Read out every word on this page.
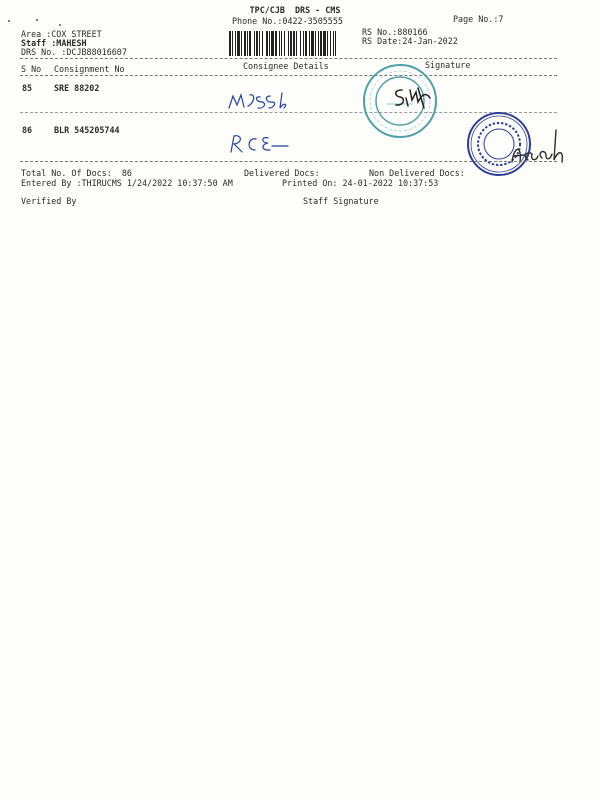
TPC/CJB  DRS - CMS
Phone No.:0422-3505555	Page No.:7
Area :COX STREET
Staff :MAHESH
DRS No. :DCJB88016607
RS No.:880166
RS Date:24-Jan-2022
S No Consignment No	Consignee Details	Signature
85	SRE 88202
86	BLR 545205744
Total No. Of Docs:  86	Delivered Docs:	Non Delivered Docs:
Entered By :THIRUCMS 1/24/2022 10:37:50 AM	Printed On: 24-01-2022 10:37:53
Verified By	Staff Signature
